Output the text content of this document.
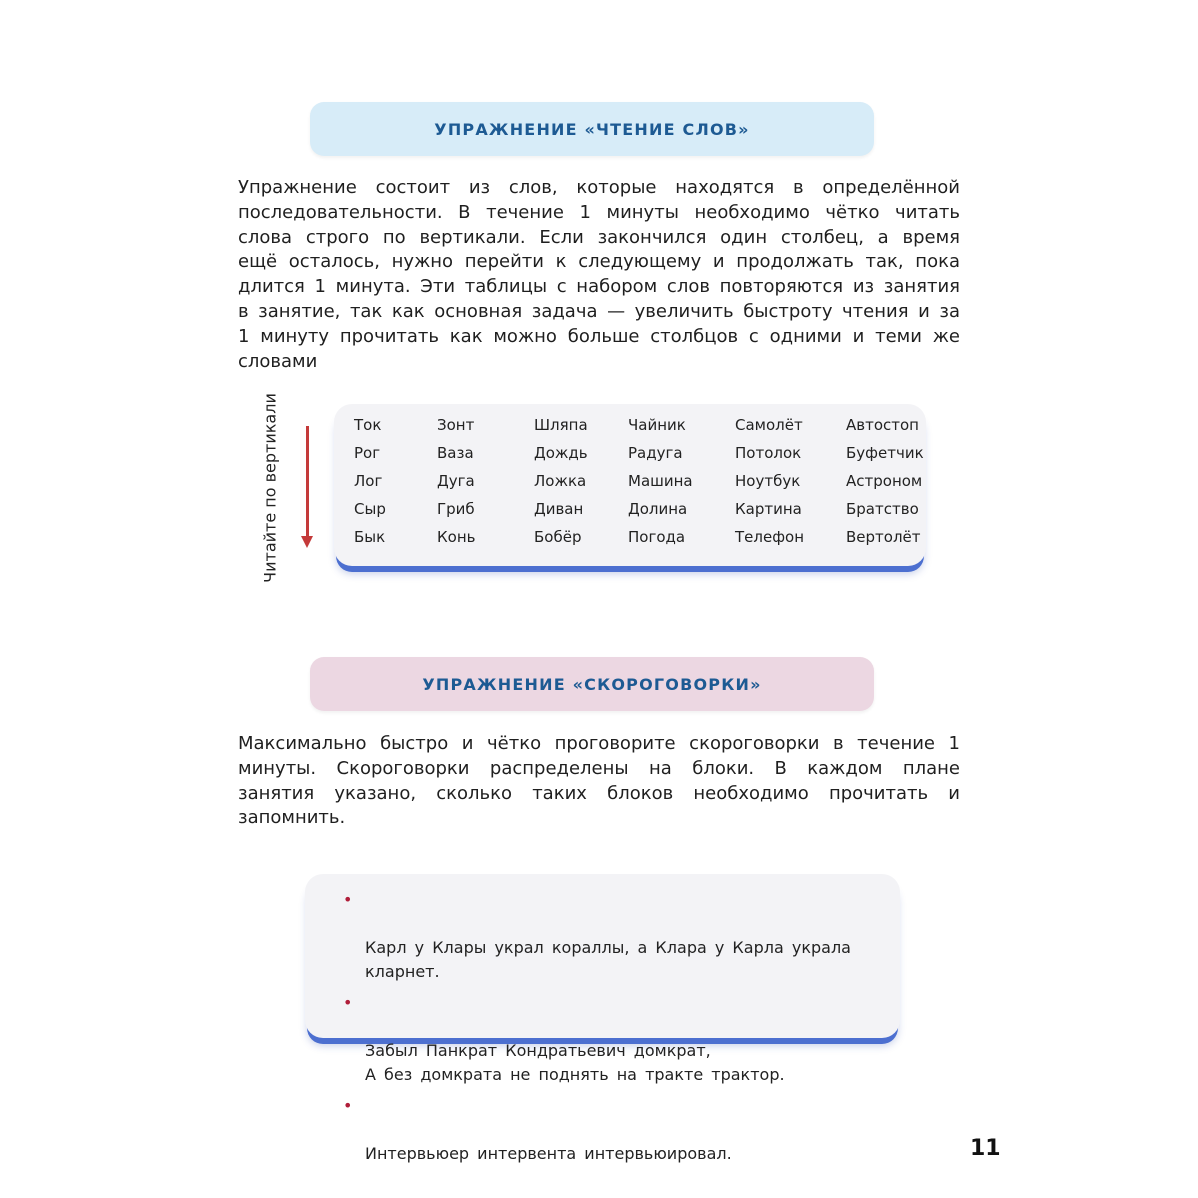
УПРАЖНЕНИЕ «ЧТЕНИЕ СЛОВ»
Упражнение состоит из слов, которые находятся в определённой последовательности. В течение 1 минуты необходимо чётко читать слова строго по вертикали. Если закончился один столбец, а время ещё осталось, нужно перейти к следующему и продолжать так, пока длится 1 минута. Эти таблицы с набором слов повторяются из занятия в занятие, так как основная задача — увеличить быстроту чтения и за 1 минуту прочитать как можно больше столбцов с одними и теми же словами
Читайте по вертикали	Ток
Рог
Лог
Сыр
Бык
Зонт
Ваза
Дуга
Гриб
Конь
Шляпа
Дождь
Ложка
Диван
Бобёр
Чайник
Радуга
Машина
Долина
Погода
Самолёт
Потолок
Ноутбук
Картина
Телефон
Автостоп
Буфетчик
Астроном
Братство
Вертолёт
УПРАЖНЕНИЕ «СКОРОГОВОРКИ»
Максимально быстро и чётко проговорите скороговорки в течение 1 минуты. Скороговорки распределены на блоки. В каждом плане занятия указано, сколько таких блоков необходимо прочитать и запомнить.

•

Карл у Клары украл кораллы, а Клара у Карла украла кларнет.

•

Забыл Панкрат Кондратьевич домкрат,
А без домкрата не поднять на тракте трактор.

•

Интервьюер интервента интервьюировал.	11
